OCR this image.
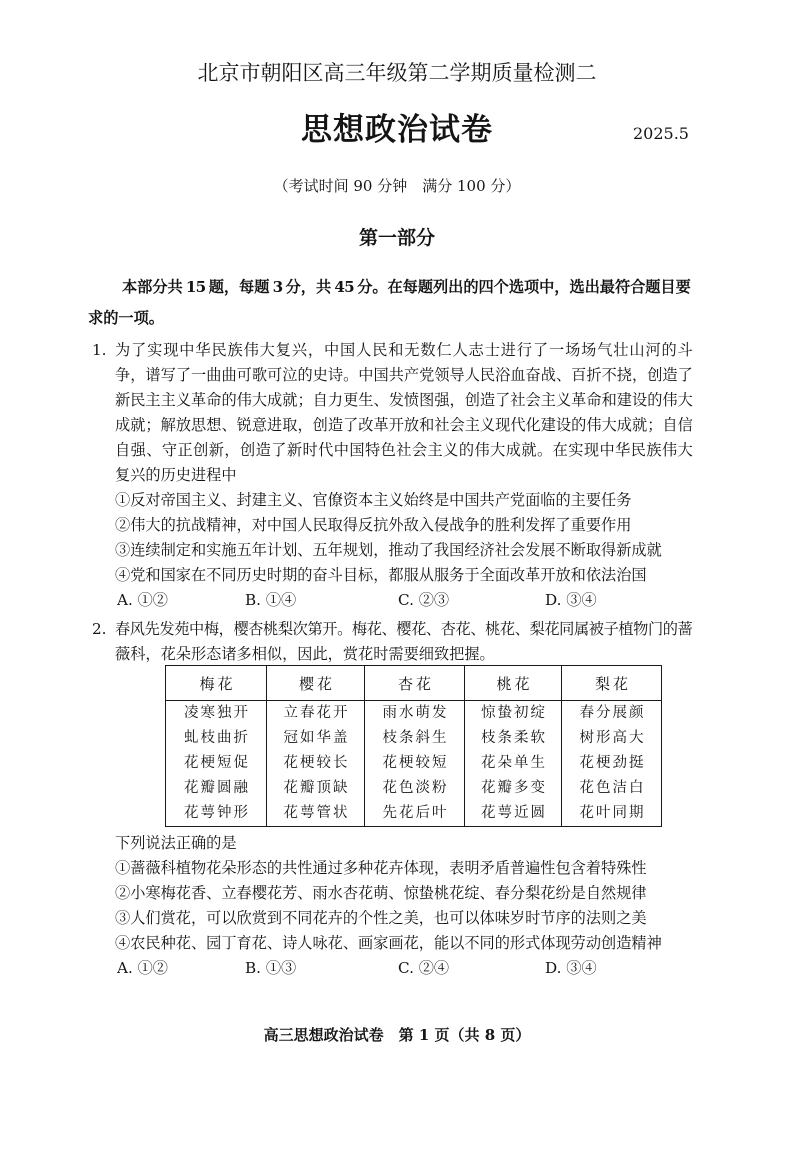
北京市朝阳区高三年级第二学期质量检测二
思想政治试卷	2025.5
（考试时间 90 分钟　满分 100 分）
第一部分
本部分共 15 题，每题 3 分，共 45 分。在每题列出的四个选项中，选出最符合题目要
求的一项。
1. 为了实现中华民族伟大复兴，中国人民和无数仁人志士进行了一场场气壮山河的斗
争，谱写了一曲曲可歌可泣的史诗。中国共产党领导人民浴血奋战、百折不挠，创造了
新民主主义革命的伟大成就；自力更生、发愤图强，创造了社会主义革命和建设的伟大
成就；解放思想、锐意进取，创造了改革开放和社会主义现代化建设的伟大成就；自信
自强、守正创新，创造了新时代中国特色社会主义的伟大成就。在实现中华民族伟大
复兴的历史进程中
①反对帝国主义、封建主义、官僚资本主义始终是中国共产党面临的主要任务
②伟大的抗战精神，对中国人民取得反抗外敌入侵战争的胜利发挥了重要作用
③连续制定和实施五年计划、五年规划，推动了我国经济社会发展不断取得新成就
④党和国家在不同历史时期的奋斗目标，都服从服务于全面改革开放和依法治国
A. ①②	B. ①④	C. ②③	D. ③④
2. 春风先发苑中梅，樱杏桃梨次第开。梅花、樱花、杏花、桃花、梨花同属被子植物门的蔷
薇科，花朵形态诸多相似，因此，赏花时需要细致把握。
梅花	樱花	杏花	桃花	梨花
凌寒独开	立春花开	雨水萌发	惊蛰初绽	春分展颜
虬枝曲折	冠如华盖	枝条斜生	枝条柔软	树形高大
花梗短促	花梗较长	花梗较短	花朵单生	花梗劲挺
花瓣圆融	花瓣顶缺	花色淡粉	花瓣多变	花色洁白
花萼钟形	花萼管状	先花后叶	花萼近圆	花叶同期
下列说法正确的是
①蔷薇科植物花朵形态的共性通过多种花卉体现，表明矛盾普遍性包含着特殊性
②小寒梅花香、立春樱花芳、雨水杏花萌、惊蛰桃花绽、春分梨花纷是自然规律
③人们赏花，可以欣赏到不同花卉的个性之美，也可以体味岁时节序的法则之美
④农民种花、园丁育花、诗人咏花、画家画花，能以不同的形式体现劳动创造精神
A. ①②	B. ①③	C. ②④	D. ③④
高三思想政治试卷　第 1 页（共 8 页）
